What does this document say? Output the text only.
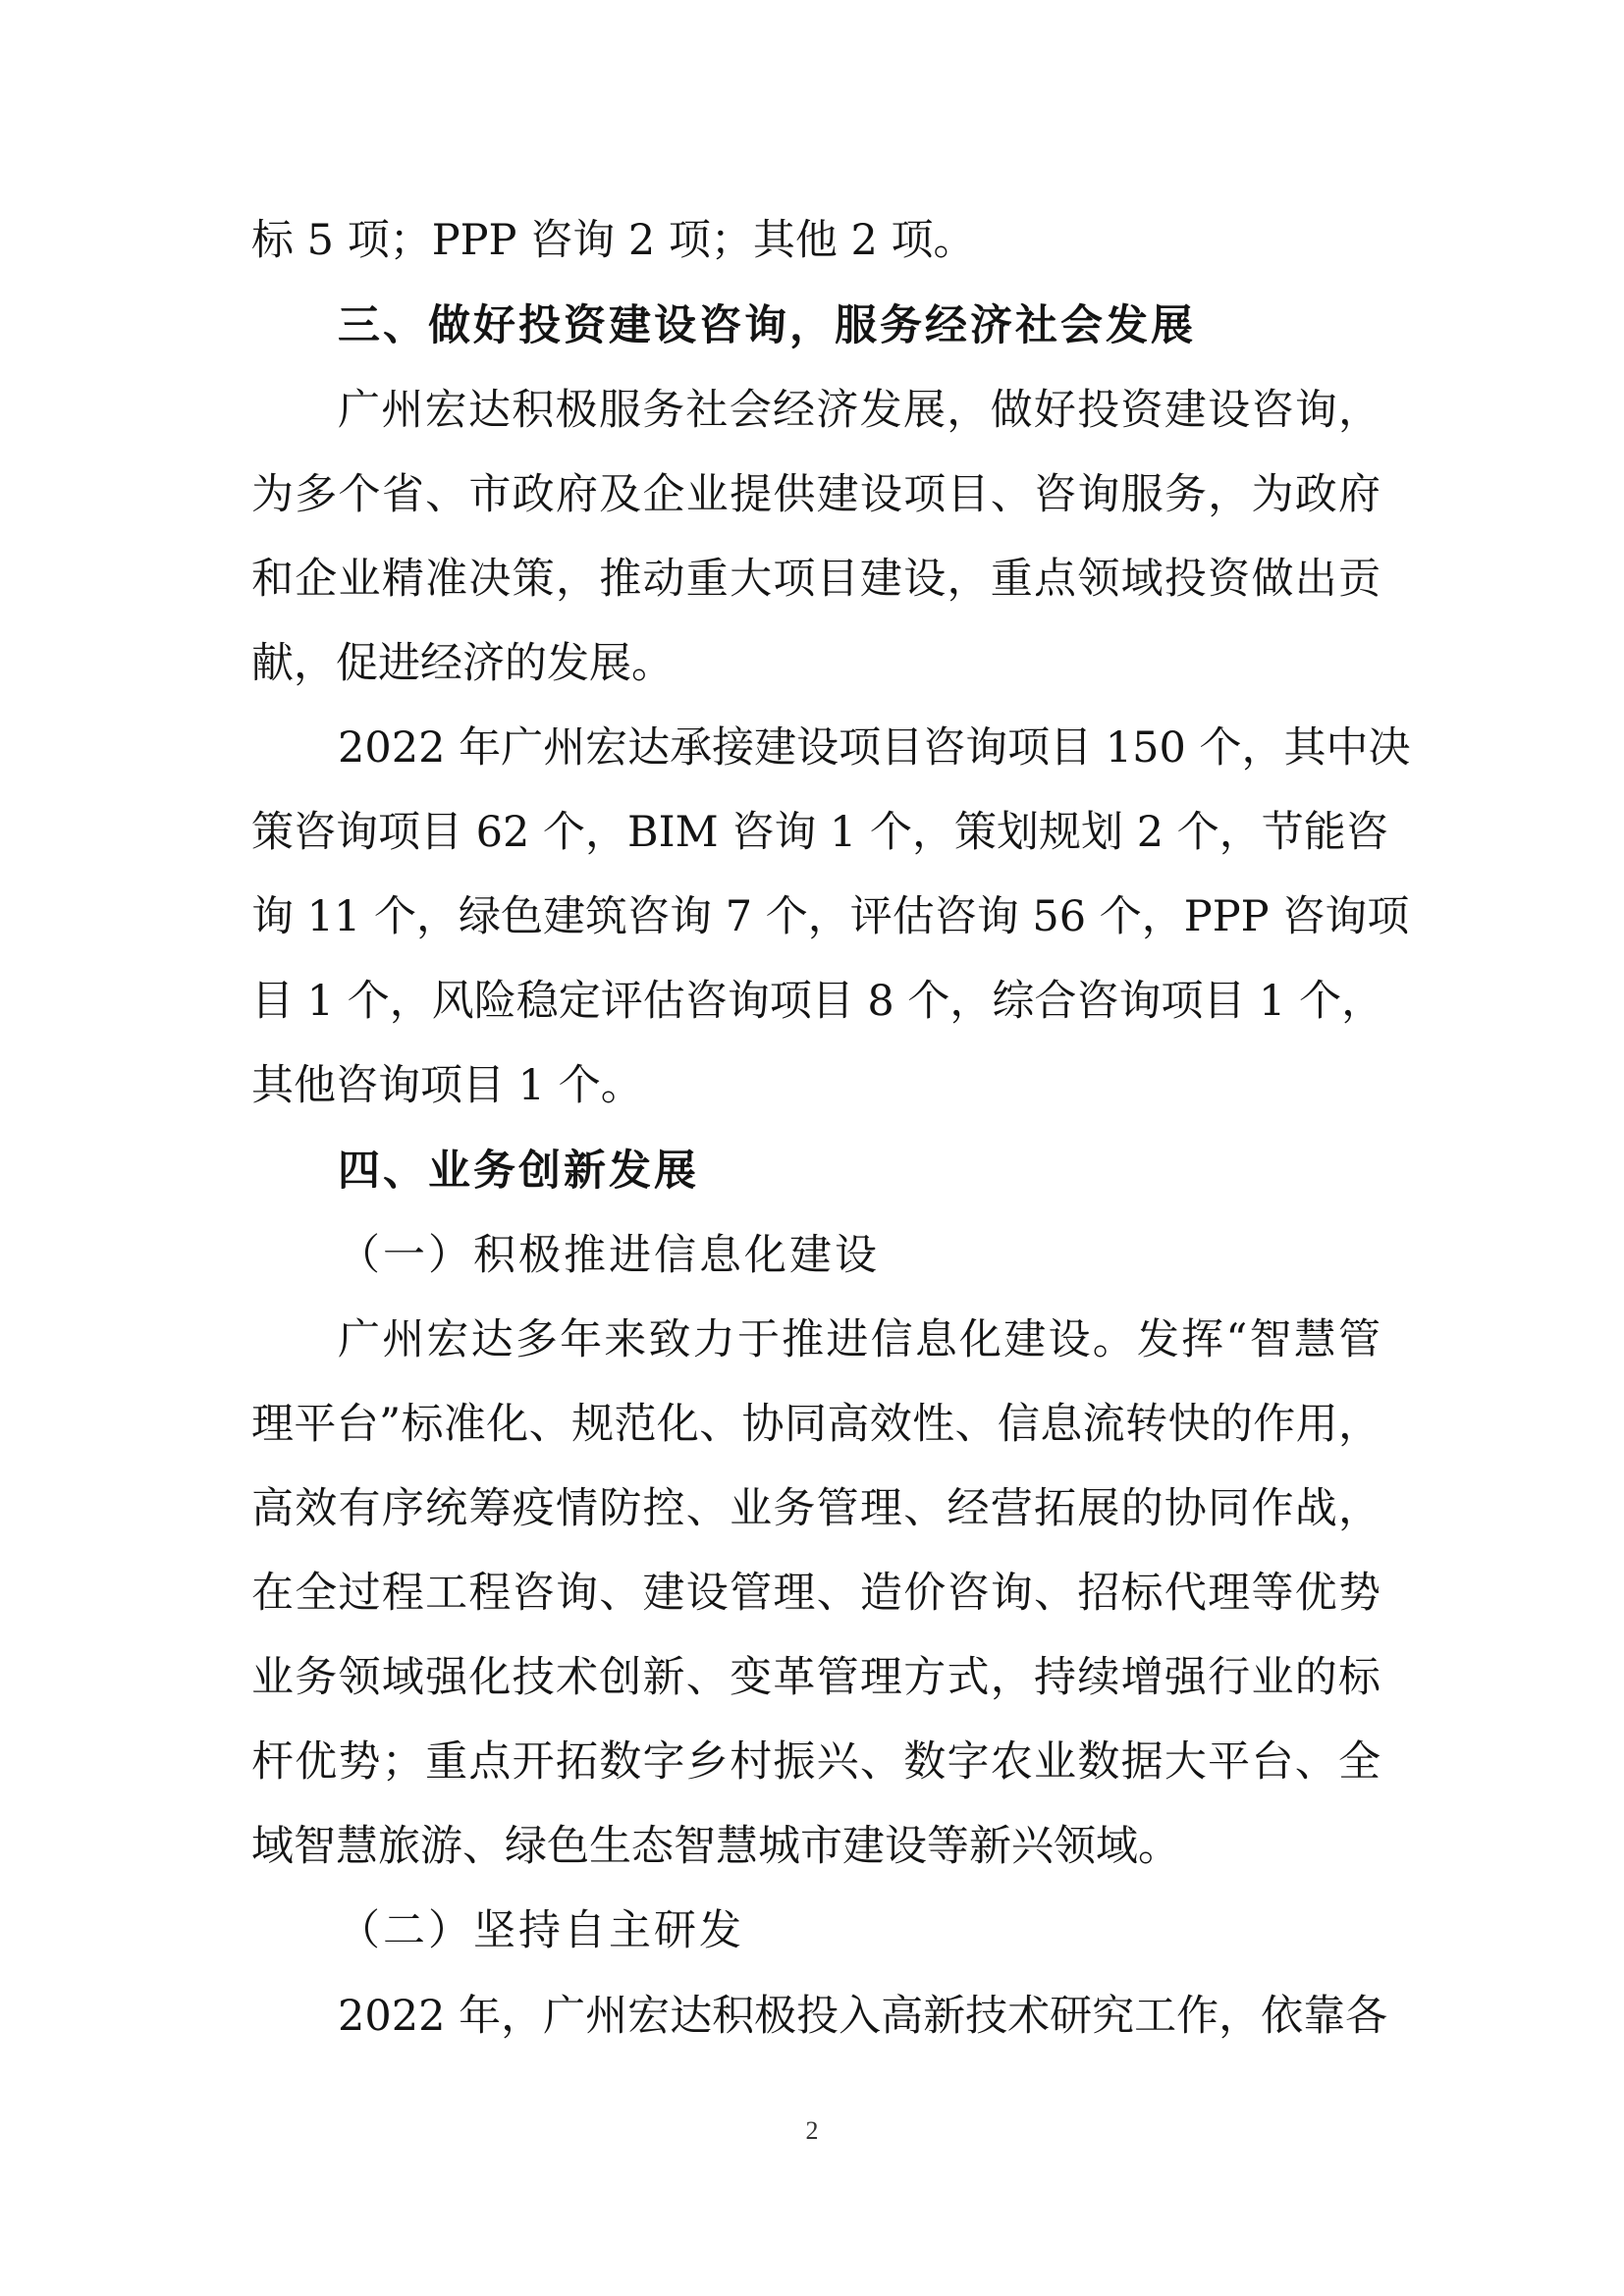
标 5 项；PPP 咨询 2 项；其他 2 项。
三、做好投资建设咨询，服务经济社会发展
广州宏达积极服务社会经济发展，做好投资建设咨询，
为多个省、市政府及企业提供建设项目、咨询服务，为政府
和企业精准决策，推动重大项目建设，重点领域投资做出贡
献，促进经济的发展。
2022 年广州宏达承接建设项目咨询项目 150 个，其中决
策咨询项目 62 个，BIM 咨询 1 个，策划规划 2 个，节能咨
询 11 个，绿色建筑咨询 7 个，评估咨询 56 个，PPP 咨询项
目 1 个，风险稳定评估咨询项目 8 个，综合咨询项目 1 个，
其他咨询项目 1 个。
四、业务创新发展
（一）积极推进信息化建设
广州宏达多年来致力于推进信息化建设。发挥“智慧管
理平台”标准化、规范化、协同高效性、信息流转快的作用，
高效有序统筹疫情防控、业务管理、经营拓展的协同作战，
在全过程工程咨询、建设管理、造价咨询、招标代理等优势
业务领域强化技术创新、变革管理方式，持续增强行业的标
杆优势；重点开拓数字乡村振兴、数字农业数据大平台、全
域智慧旅游、绿色生态智慧城市建设等新兴领域。
（二）坚持自主研发
2022 年，广州宏达积极投入高新技术研究工作，依靠各
2
